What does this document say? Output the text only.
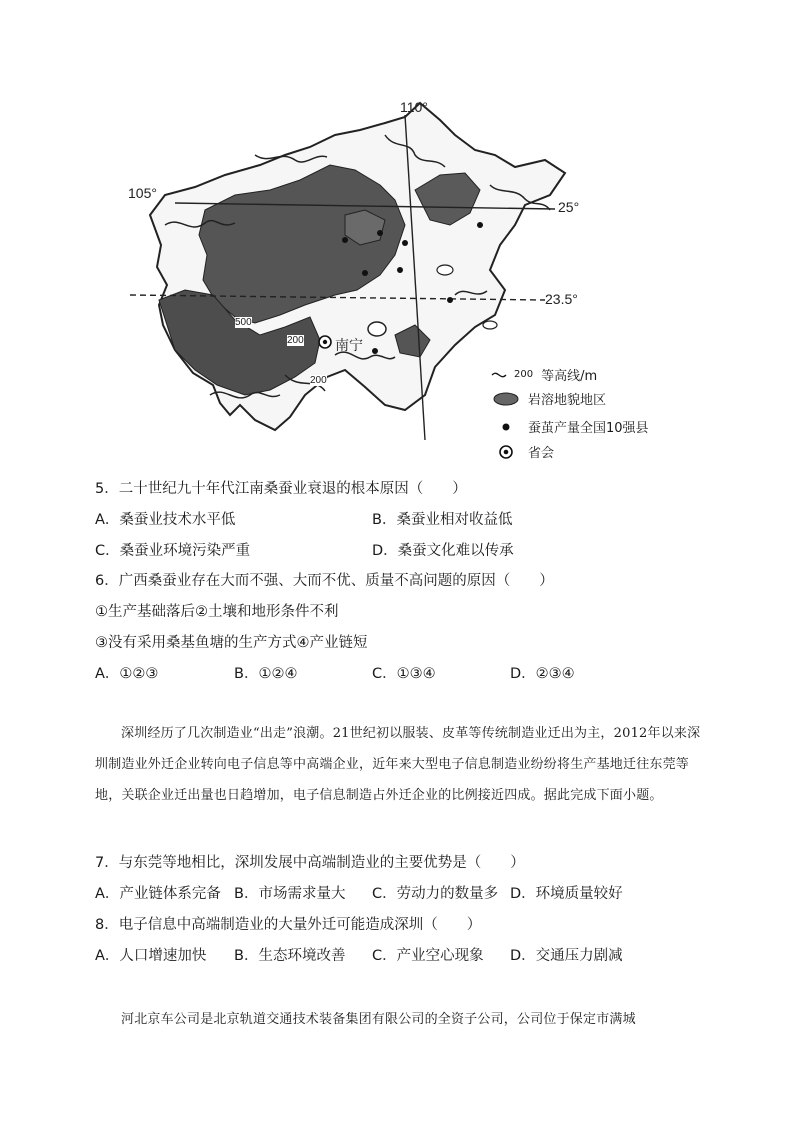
110°
105°
25°
23.5°
500
200
200
南宁
200 等高线/m
岩溶地貌地区
蚕茧产量全国10强县
省会
5．二十世纪九十年代江南桑蚕业衰退的根本原因（　　）
A．桑蚕业技术水平低	B．桑蚕业相对收益低
C．桑蚕业环境污染严重	D．桑蚕文化难以传承
6．广西桑蚕业存在大而不强、大而不优、质量不高问题的原因（　　）
①生产基础落后②土壤和地形条件不利
③没有采用桑基鱼塘的生产方式④产业链短
A．①②③	B．①②④	C．①③④	D．②③④
深圳经历了几次制造业“出走”浪潮。21世纪初以服装、皮革等传统制造业迁出为主，2012年以来深圳制造业外迁企业转向电子信息等中高端企业，近年来大型电子信息制造业纷纷将生产基地迁往东莞等地，关联企业迁出量也日趋增加，电子信息制造占外迁企业的比例接近四成。据此完成下面小题。
7．与东莞等地相比，深圳发展中高端制造业的主要优势是（　　）
A．产业链体系完备 B．市场需求量大 C．劳动力的数量多 D．环境质量较好
8．电子信息中高端制造业的大量外迁可能造成深圳（　　）
A．人口增速加快 B．生态环境改善 C．产业空心现象 D．交通压力剧减
河北京车公司是北京轨道交通技术装备集团有限公司的全资子公司，公司位于保定市满城
